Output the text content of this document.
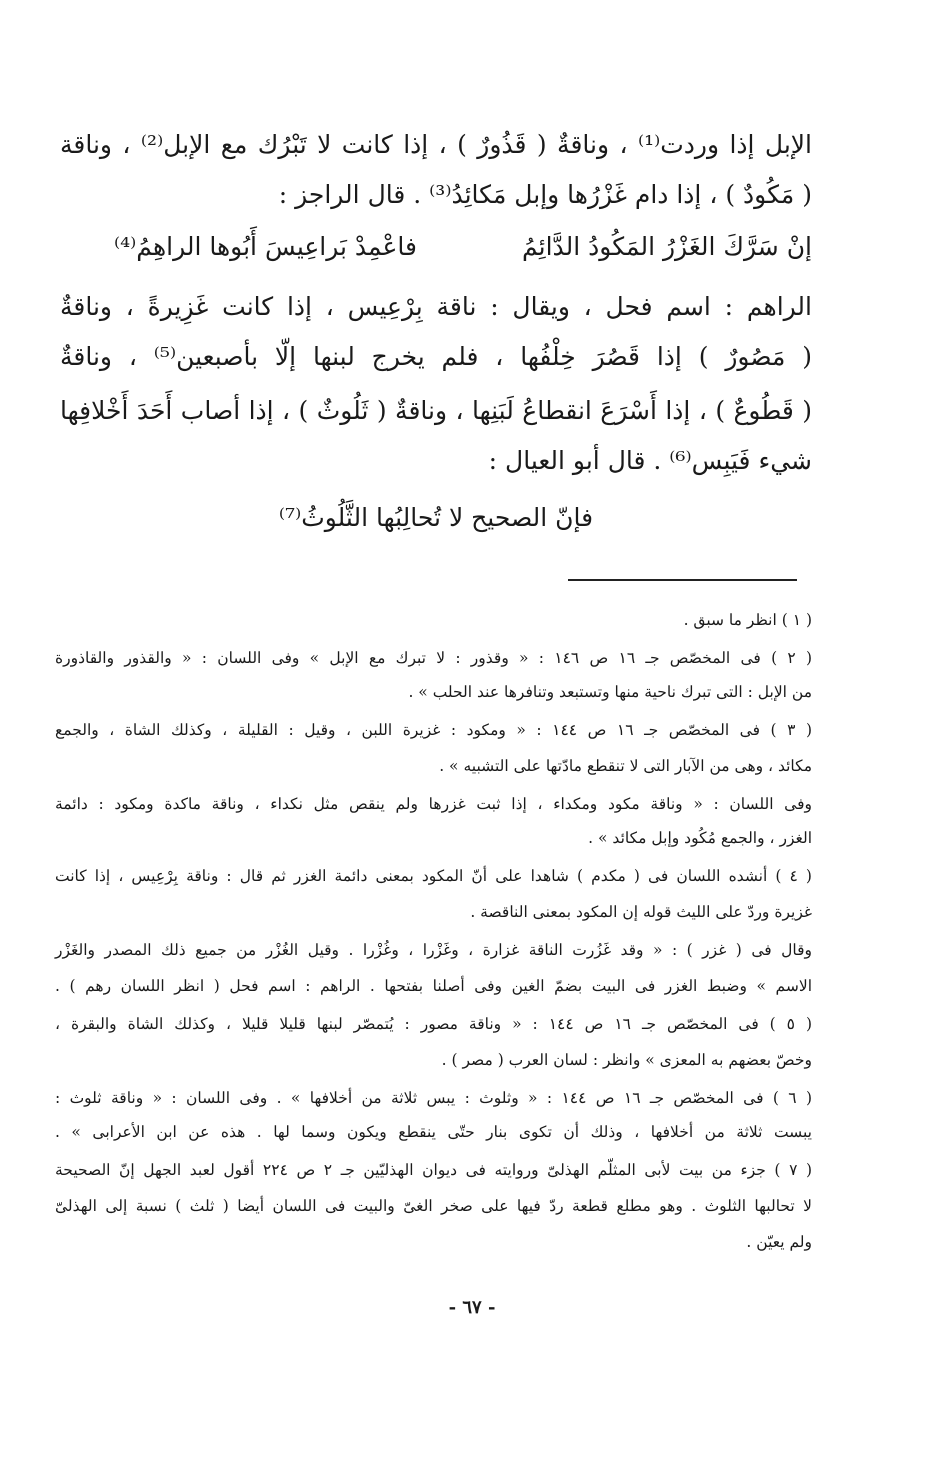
الإبل إذا وردت⁽¹⁾ ، وناقةٌ ( قَذُورٌ ) ، إذا كانت لا تَبْرُك مع الإبل⁽²⁾ ، وناقة
( مَكُودٌ ) ، إذا دام غَزْرُها وإبل مَكائِدُ⁽³⁾ . قال الراجز :
إنْ سَرَّكَ الغَزْرُ المَكُودُ الدَّائِمُ
فاعْمِدْ بَراعِيسَ أَبُوها الراهِمُ⁽⁴⁾
الراهم : اسم فحل ، ويقال : ناقة بِرْعِيس ، إذا كانت غَزِيرةً ، وناقةٌ
( مَصُورٌ ) إذا قَصُرَ خِلْفُها ، فلم يخرج لبنها إلّا بأصبعين⁽⁵⁾ ، وناقةٌ
( قَطُوعٌ ) ، إذا أَسْرَعَ انقطاعُ لَبَنِها ، وناقةٌ ( ثَلُوثٌ ) ، إذا أصاب أَحَدَ أَخْلافِها
شيء فَيَبِس⁽⁶⁾ . قال أبو العيال :
فإنّ الصحيح لا تُحالِبُها الثَّلُوثُ⁽⁷⁾
( ١ ) انظر ما سبق .
( ٢ ) فى المخصّص جـ ١٦ ص ١٤٦ : « وقذور : لا تبرك مع الإبل » وفى اللسان : « والقذور والقاذورة
من الإبل : التى تبرك ناحية منها وتستبعد وتنافرها عند الحلب » .
( ٣ ) فى المخصّص جـ ١٦ ص ١٤٤ : « ومكود : غزيرة اللبن ، وقيل : القليلة ، وكذلك الشاة ، والجمع
مكائد ، وهى من الآبار التى لا تنقطع مادّتها على التشبيه » .
وفى اللسان : « وناقة مكود ومكداء ، إذا ثبت غزرها ولم ينقص مثل نكداء ، وناقة ماكدة ومكود : دائمة
الغزر ، والجمع مُكُود وإبل مكائد » .
( ٤ ) أنشده اللسان فى ( مكدم ) شاهدا على أنّ المكود بمعنى دائمة الغزر ثم قال : وناقة بِرْعِيس ، إذا كانت
غزيرة وردّ على الليث قوله إن المكود بمعنى الناقصة .
وقال فى ( غزر ) : « وقد غَزُرت الناقة غزارة ، وغَزْرا ، وغُزْرا . وقيل الغُزْر من جميع ذلك المصدر والغَزْر
الاسم » وضبط الغزر فى البيت بضمّ الغين وفى أصلنا بفتحها . الراهم : اسم فحل ( انظر اللسان رهم ) .
( ٥ ) فى المخصّص جـ ١٦ ص ١٤٤ : « وناقة مصور : يُتمصّر لبنها قليلا قليلا ، وكذلك الشاة والبقرة ،
وخصّ بعضهم به المعزى » وانظر : لسان العرب ( مصر ) .
( ٦ ) فى المخصّص جـ ١٦ ص ١٤٤ : « وثلوث : يبس ثلاثة من أخلافها » . وفى اللسان : « وناقة ثلوث :
يبست ثلاثة من أخلافها ، وذلك أن تكوى بنار حتّى ينقطع ويكون وسما لها . هذه عن ابن الأعرابى » .
( ٧ ) جزء من بيت لأبى المثلّم الهذلىّ وروايته فى ديوان الهذليّين جـ ٢ ص ٢٢٤ أقول لعبد الجهل إنّ الصحيحة
لا تحالبها الثلوث . وهو مطلع قطعة ردّ فيها على صخر الغىّ والبيت فى اللسان أيضا ( ثلث ) نسبة إلى الهذلىّ
ولم يعيّن .
- ٦٧ -
